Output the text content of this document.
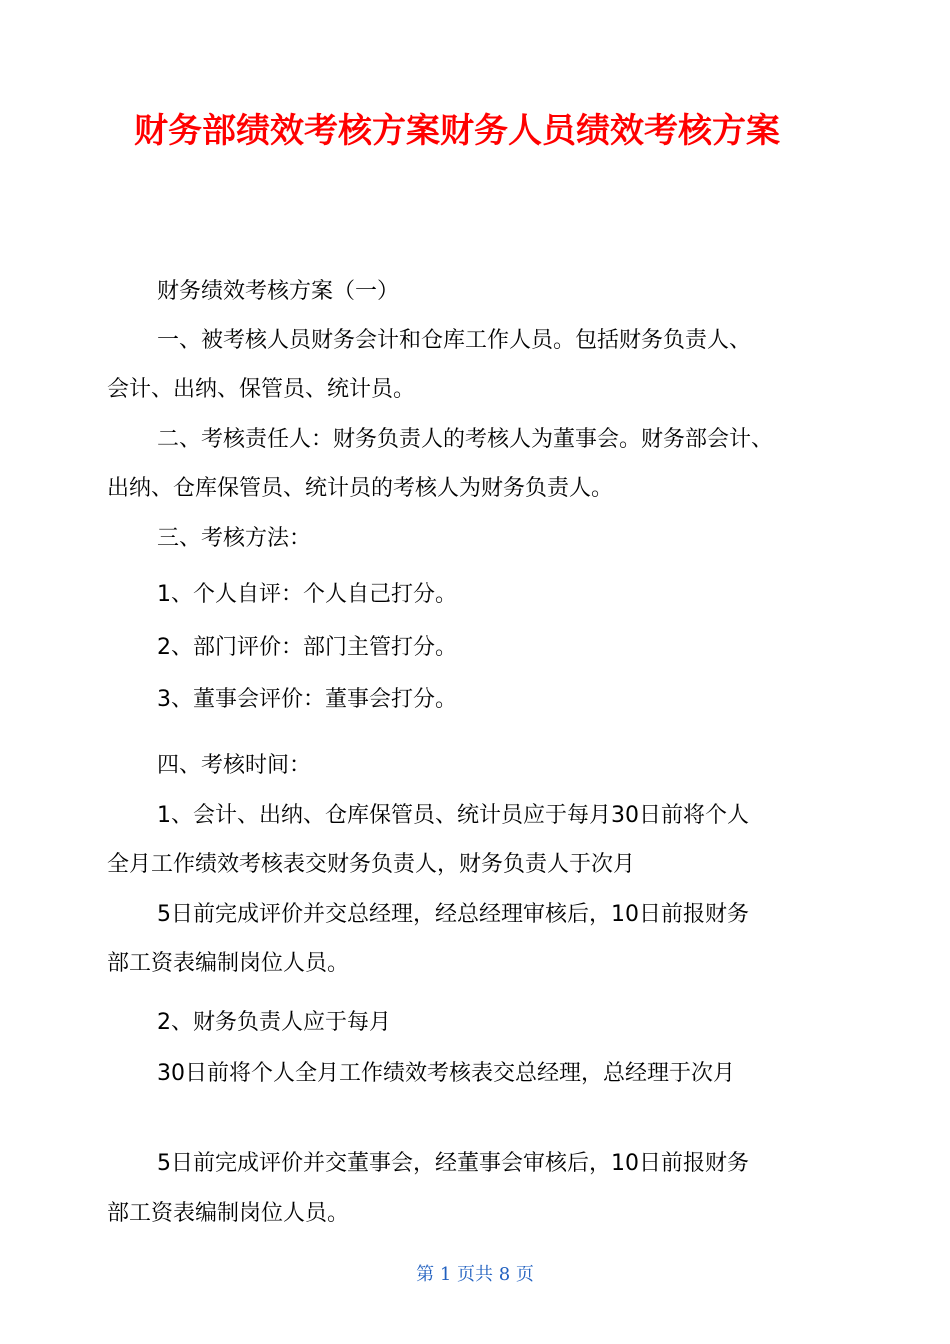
财务部绩效考核方案财务人员绩效考核方案

财务绩效考核方案（一）

一、被考核人员财务会计和仓库工作人员。包括财务负责人、

会计、出纳、保管员、统计员。

二、考核责任人：财务负责人的考核人为董事会。财务部会计、

出纳、仓库保管员、统计员的考核人为财务负责人。

三、考核方法：

1、个人自评：个人自己打分。

2、部门评价：部门主管打分。

3、董事会评价：董事会打分。

四、考核时间：

1、会计、出纳、仓库保管员、统计员应于每月30日前将个人

全月工作绩效考核表交财务负责人，财务负责人于次月

5日前完成评价并交总经理，经总经理审核后，10日前报财务

部工资表编制岗位人员。

2、财务负责人应于每月

30日前将个人全月工作绩效考核表交总经理，总经理于次月

5日前完成评价并交董事会，经董事会审核后，10日前报财务

部工资表编制岗位人员。

第 1 页共 8 页
